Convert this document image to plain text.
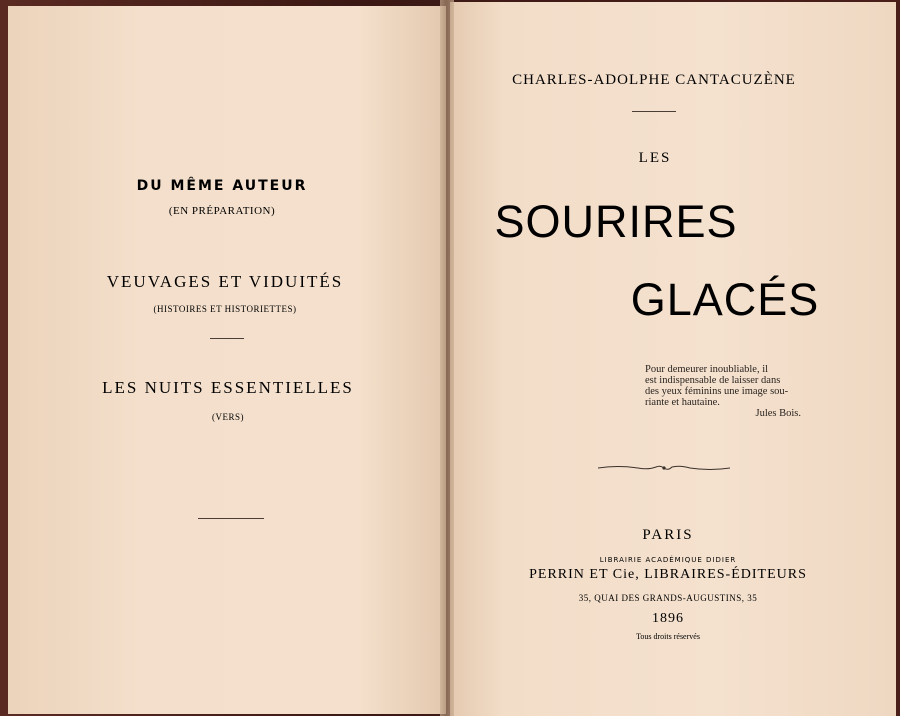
DU MÊME AUTEUR
(EN PRÉPARATION)
VEUVAGES ET VIDUITÉS
(HISTOIRES ET HISTORIETTES)
LES NUITS ESSENTIELLES
(VERS)
CHARLES-ADOLPHE CANTACUZÈNE
LES
SOURIRES
GLACÉS
Pour demeurer inoubliable, il
est indispensable de laisser dans
des yeux féminins une image sou-
riante et hautaine.
Jules Bois.
PARIS
LIBRAIRIE ACADÉMIQUE DIDIER
PERRIN ET Cie, LIBRAIRES-ÉDITEURS
35, QUAI DES GRANDS-AUGUSTINS, 35
1896
Tous droits réservés
